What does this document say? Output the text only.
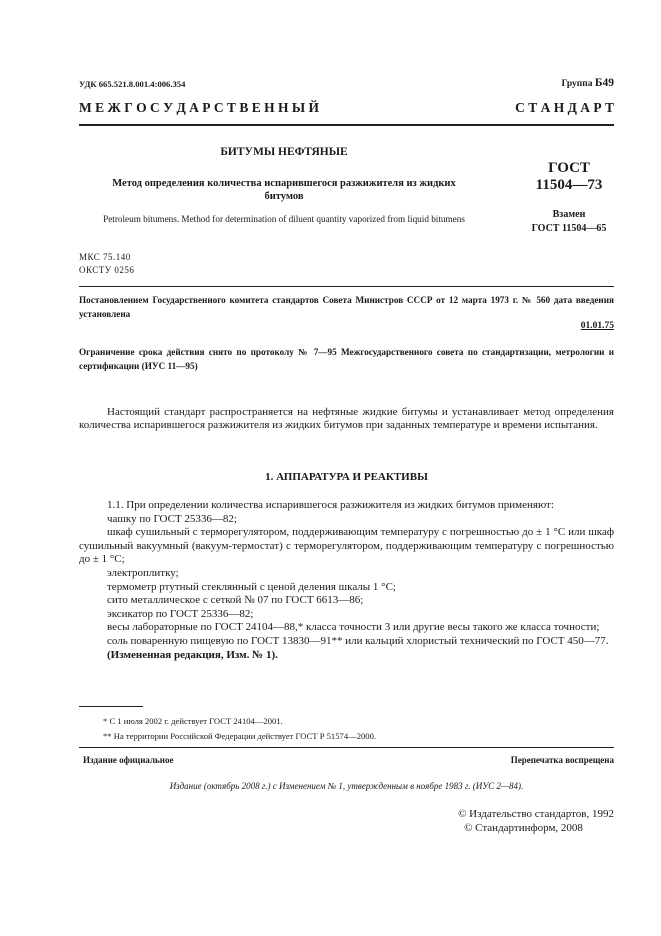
УДК 665.521.8.001.4:006.354	Группа Б49
М Е Ж Г О С У Д А Р С Т В Е Н Н Ы Й	С Т А Н Д А Р Т
БИТУМЫ НЕФТЯНЫЕ
Метод определения количества испарившегося разжижителя из жидких битумов
Petroleum bitumens. Method for determination of diluent quantity vaporized from liquid bitumens
ГОСТ
11504—73
Взамен
ГОСТ 11504—65
МКС 75.140
ОКСТУ 0256
Постановлением Государственного комитета стандартов Совета Министров СССР от 12 марта 1973 г. № 560 дата введения установлена
01.01.75
Ограничение срока действия снято по протоколу № 7—95 Межгосударственного совета по стандартизации, метрологии и сертификации (ИУС 11—95)
Настоящий стандарт распространяется на нефтяные жидкие битумы и устанавливает метод определения количества испарившегося разжижителя из жидких битумов при заданных температуре и времени испытания.
1. АППАРАТУРА И РЕАКТИВЫ

1.1. При определении количества испарившегося разжижителя из жидких битумов применяют:

чашку по ГОСТ 25336—82;

шкаф сушильный с терморегулятором, поддерживающим температуру с погрешностью до ± 1 °С или шкаф сушильный вакуумный (вакуум-термостат) с терморегулятором, поддерживающим температуру с погрешностью до ± 1 °С;

электроплитку;

термометр ртутный стеклянный с ценой деления шкалы 1 °С;

сито металлическое с сеткой № 07 по ГОСТ 6613—86;

эксикатор по ГОСТ 25336—82;

весы лабораторные по ГОСТ 24104—88,* класса точности 3 или другие весы такого же класса точности;

соль поваренную пищевую по ГОСТ 13830—91** или кальций хлористый технический по ГОСТ 450—77.

(Измененная редакция, Изм. № 1).

* С 1 июля 2002 г. действует ГОСТ 24104—2001.
** На территории Российской Федерации действует ГОСТ Р 51574—2000.
Издание официальное	Перепечатка воспрещена
Издание (октябрь 2008 г.) с Изменением № 1, утвержденным в ноябре 1983 г. (ИУС 2—84).
© Издательство стандартов, 1992
© Стандартинформ, 2008
